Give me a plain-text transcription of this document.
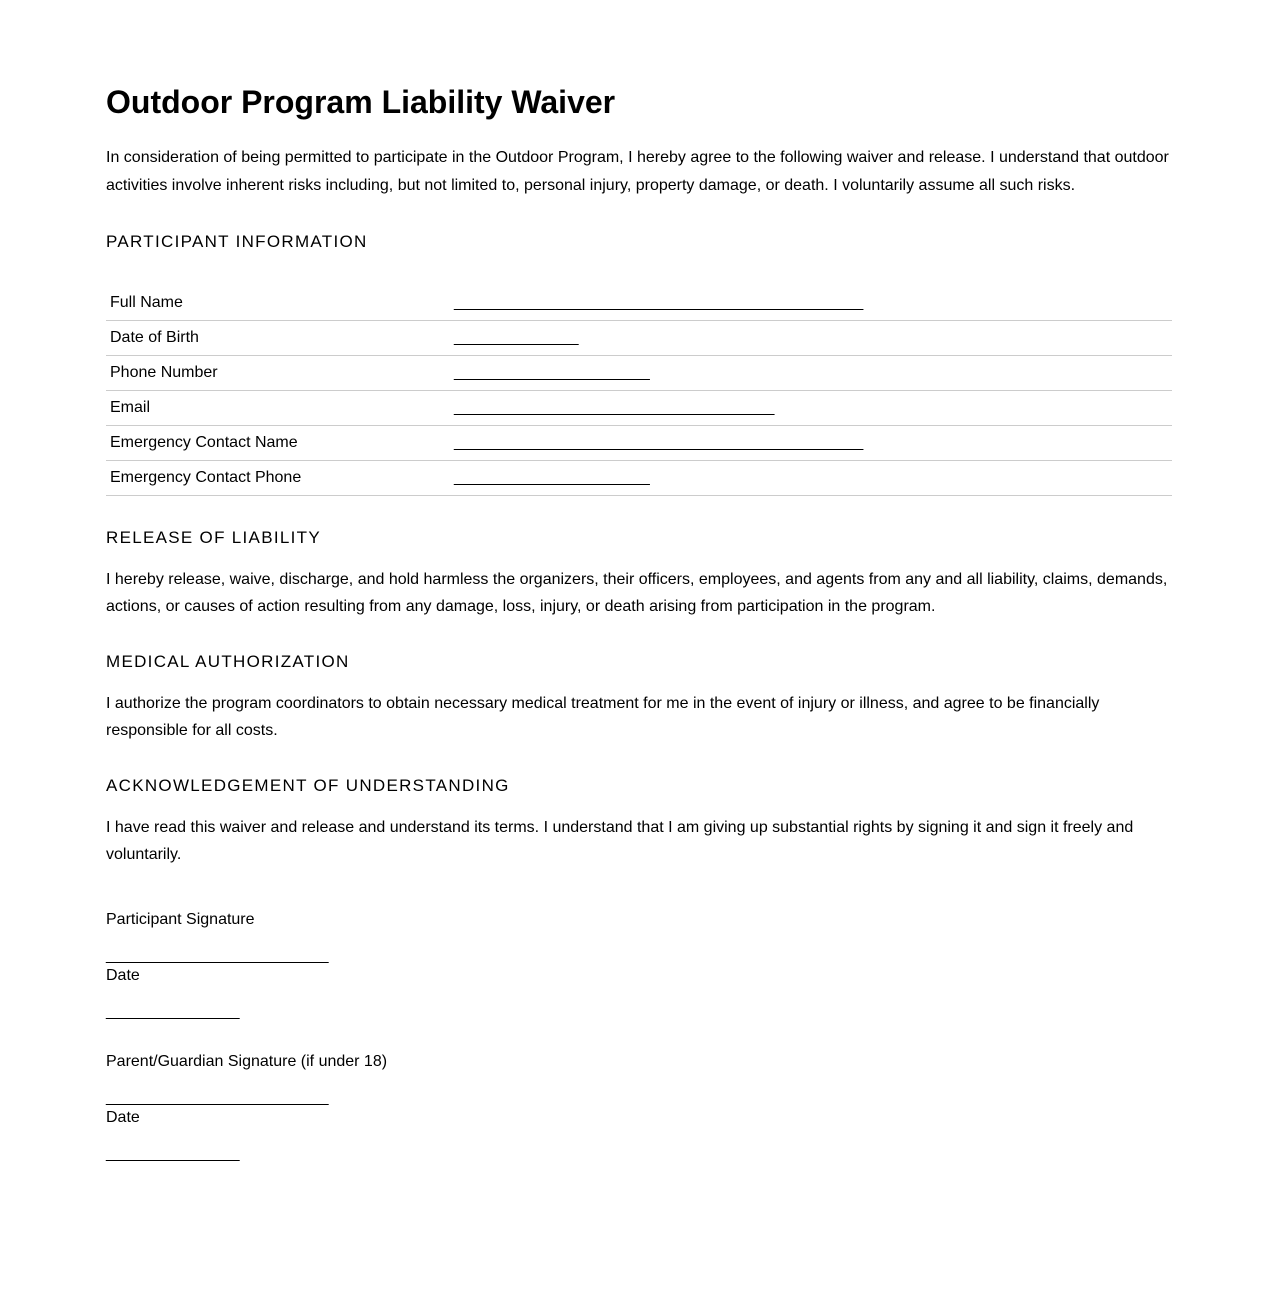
Outdoor Program Liability Waiver

In consideration of being permitted to participate in the Outdoor Program, I hereby agree to the following waiver and release. I understand that outdoor activities involve inherent risks including, but not limited to, personal injury, property damage, or death. I voluntarily assume all such risks.

PARTICIPANT INFORMATION
Full Name	______________________________________________
Date of Birth	______________
Phone Number	______________________
Email	____________________________________
Emergency Contact Name	______________________________________________
Emergency Contact Phone	______________________
RELEASE OF LIABILITY

I hereby release, waive, discharge, and hold harmless the organizers, their officers, employees, and agents from any and all liability, claims, demands, actions, or causes of action resulting from any damage, loss, injury, or death arising from participation in the program.

MEDICAL AUTHORIZATION

I authorize the program coordinators to obtain necessary medical treatment for me in the event of injury or illness, and agree to be financially responsible for all costs.

ACKNOWLEDGEMENT OF UNDERSTANDING

I have read this waiver and release and understand its terms. I understand that I am giving up substantial rights by signing it and sign it freely and voluntarily.

Participant Signature
_________________________
Date
_______________
Parent/Guardian Signature (if under 18)
_________________________
Date
_______________
